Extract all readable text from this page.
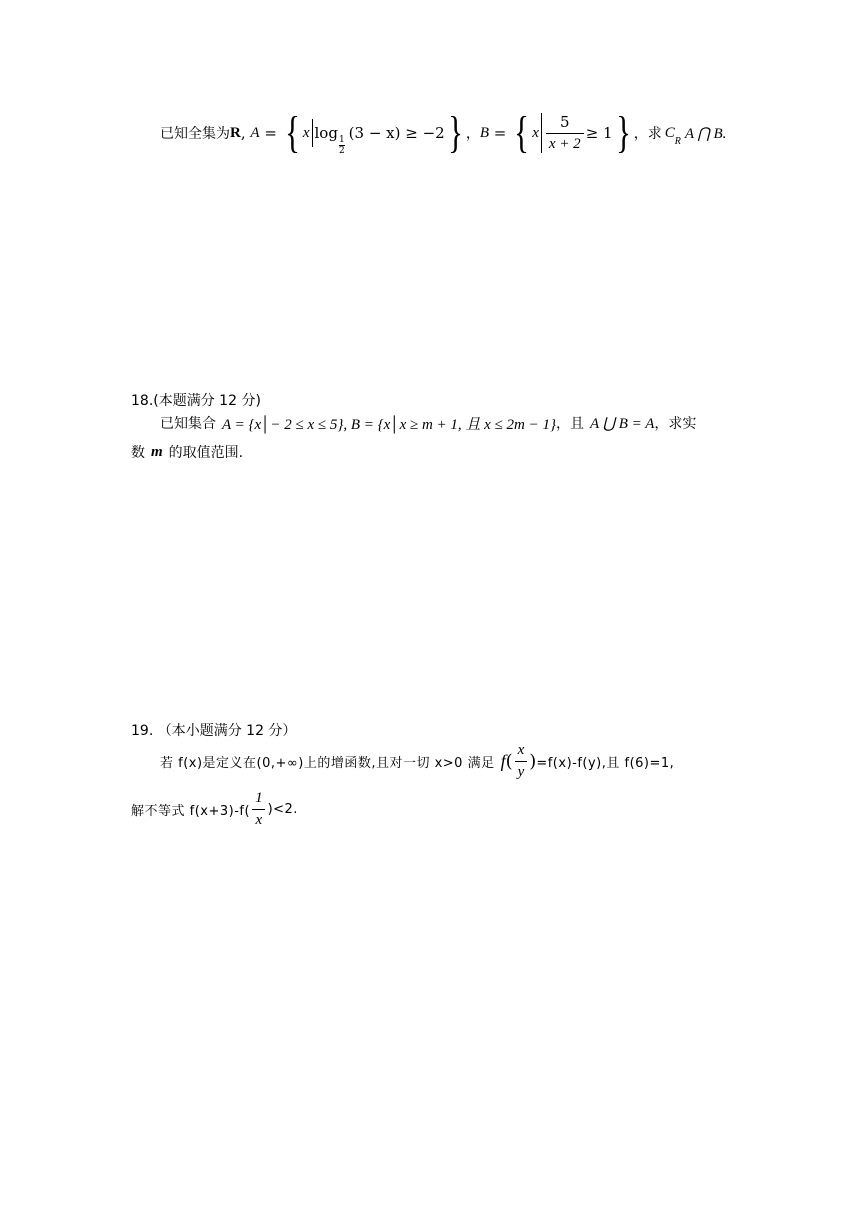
已知全集为 R , A
=
{ x log
$\frac{1}{2}$
(3 − x) ≥ −2 } ， B = { x $\frac{5}{x + 2} \ge 1$ } ，求 C
R A ⋂ B.
18.(本题满分 12 分)
已知集合 A = {x│− 2 ≤ x ≤ 5}, B = {x│x ≥ m + 1, 且 x ≤ 2m − 1} ，且 A ⋃ B = A ，求实
数 m 的取值范围.
19. （本小题满分 12 分）
若 f(x)是定义在(0,+∞)上的增函数,且对一切 x>0 满足 f ( $\frac{x}{y}$ ) =f(x)-f(y),且 f(6)=1,
解不等式 $f(x+3)-f( \frac{1}{x} )<2$.
